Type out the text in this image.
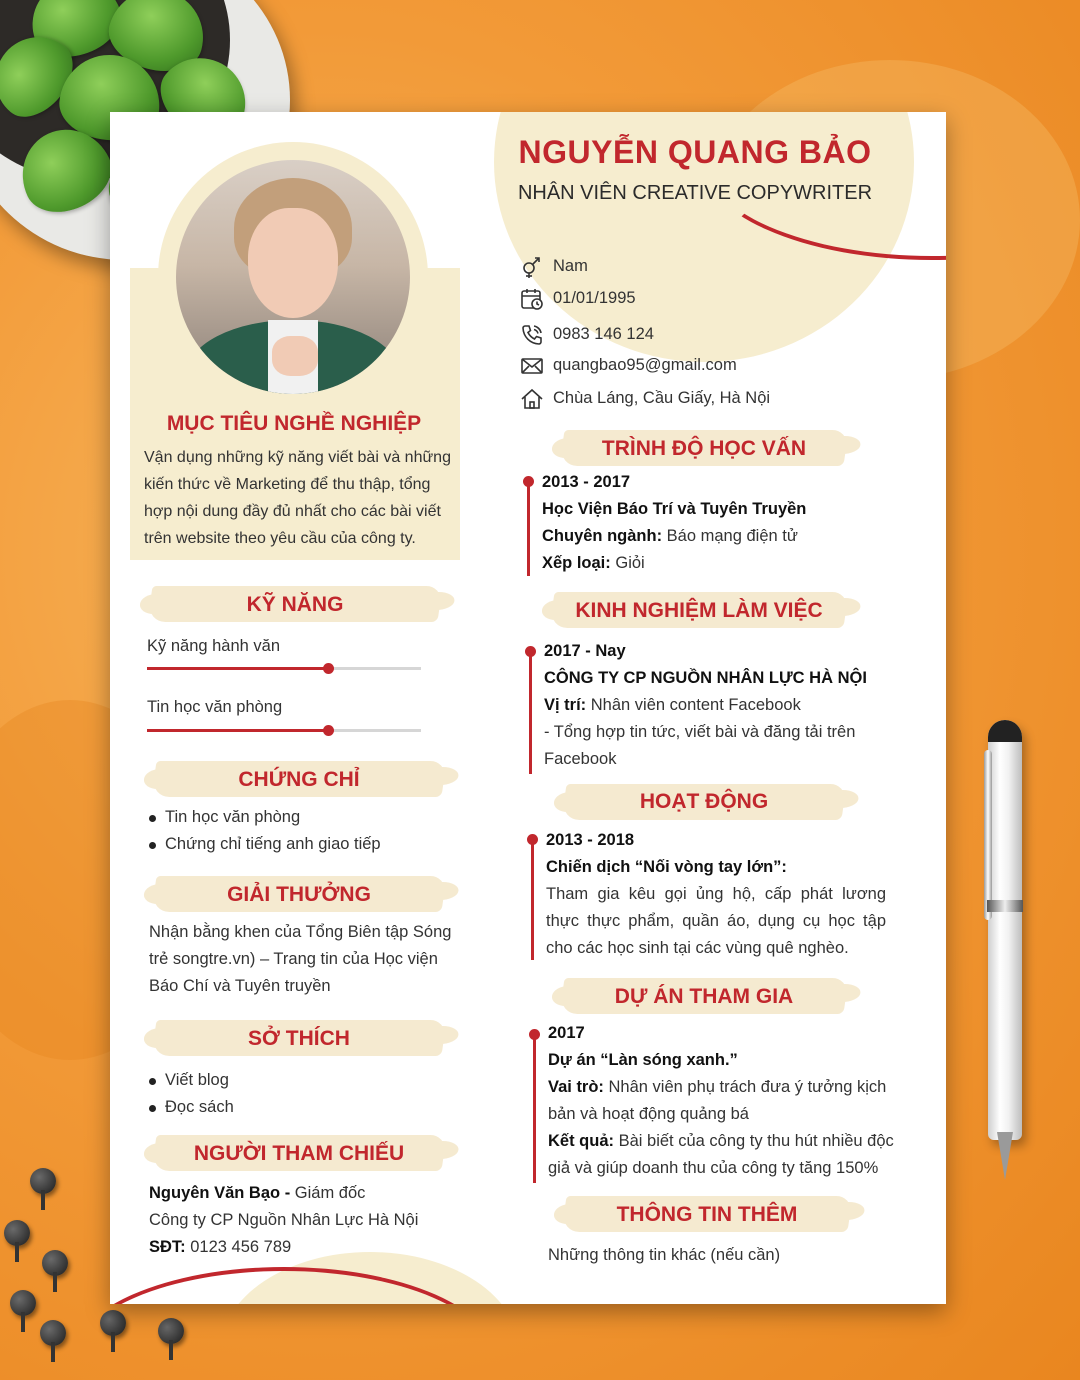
NGUYỄN QUANG BẢO
NHÂN VIÊN CREATIVE COPYWRITER
MỤC TIÊU NGHỀ NGHIỆP
Vận dụng những kỹ năng viết bài và những kiến thức về Marketing để thu thập, tổng hợp nội dung đầy đủ nhất cho các bài viết trên website theo yêu cầu của công ty.
KỸ NĂNG
Kỹ năng hành văn
Tin học văn phòng
CHỨNG CHỈ
Tin học văn phòng
Chứng chỉ tiếng anh giao tiếp
GIẢI THƯỞNG
Nhận bằng khen của Tổng Biên tập Sóng trẻ songtre.vn) – Trang tin của Học viện Báo Chí và Tuyên truyền
SỞ THÍCH
Viết blog
Đọc sách
NGƯỜI THAM CHIẾU
Nguyên Văn Bạo - Giám đốc
Công ty CP Nguồn Nhân Lực Hà Nội
SĐT: 0123 456 789
Nam
01/01/1995
0983 146 124
quangbao95@gmail.com
Chùa Láng, Cầu Giấy, Hà Nội
TRÌNH ĐỘ HỌC VẤN
2013 - 2017
Học Viện Báo Trí và Tuyên Truyền
Chuyên ngành: Báo mạng điện tử
Xếp loại: Giỏi
KINH NGHIỆM LÀM VIỆC
2017 - Nay
CÔNG TY CP NGUỒN NHÂN LỰC HÀ NỘI
Vị trí: Nhân viên content Facebook
- Tổng hợp tin tức, viết bài và đăng tải trên
Facebook
HOẠT ĐỘNG
2013 - 2018
Chiến dịch “Nối vòng tay lớn”:
Tham gia kêu gọi ủng hộ, cấp phát lương thực thực phẩm, quần áo, dụng cụ học tập cho các học sinh tại các vùng quê nghèo.
DỰ ÁN THAM GIA
2017
Dự án “Làn sóng xanh.”
Vai trò: Nhân viên phụ trách đưa ý tưởng kịch bản và hoạt động quảng bá
Kết quả: Bài biết của công ty thu hút nhiều độc giả và giúp doanh thu của công ty tăng 150%
THÔNG TIN THÊM
Những thông tin khác (nếu cần)
